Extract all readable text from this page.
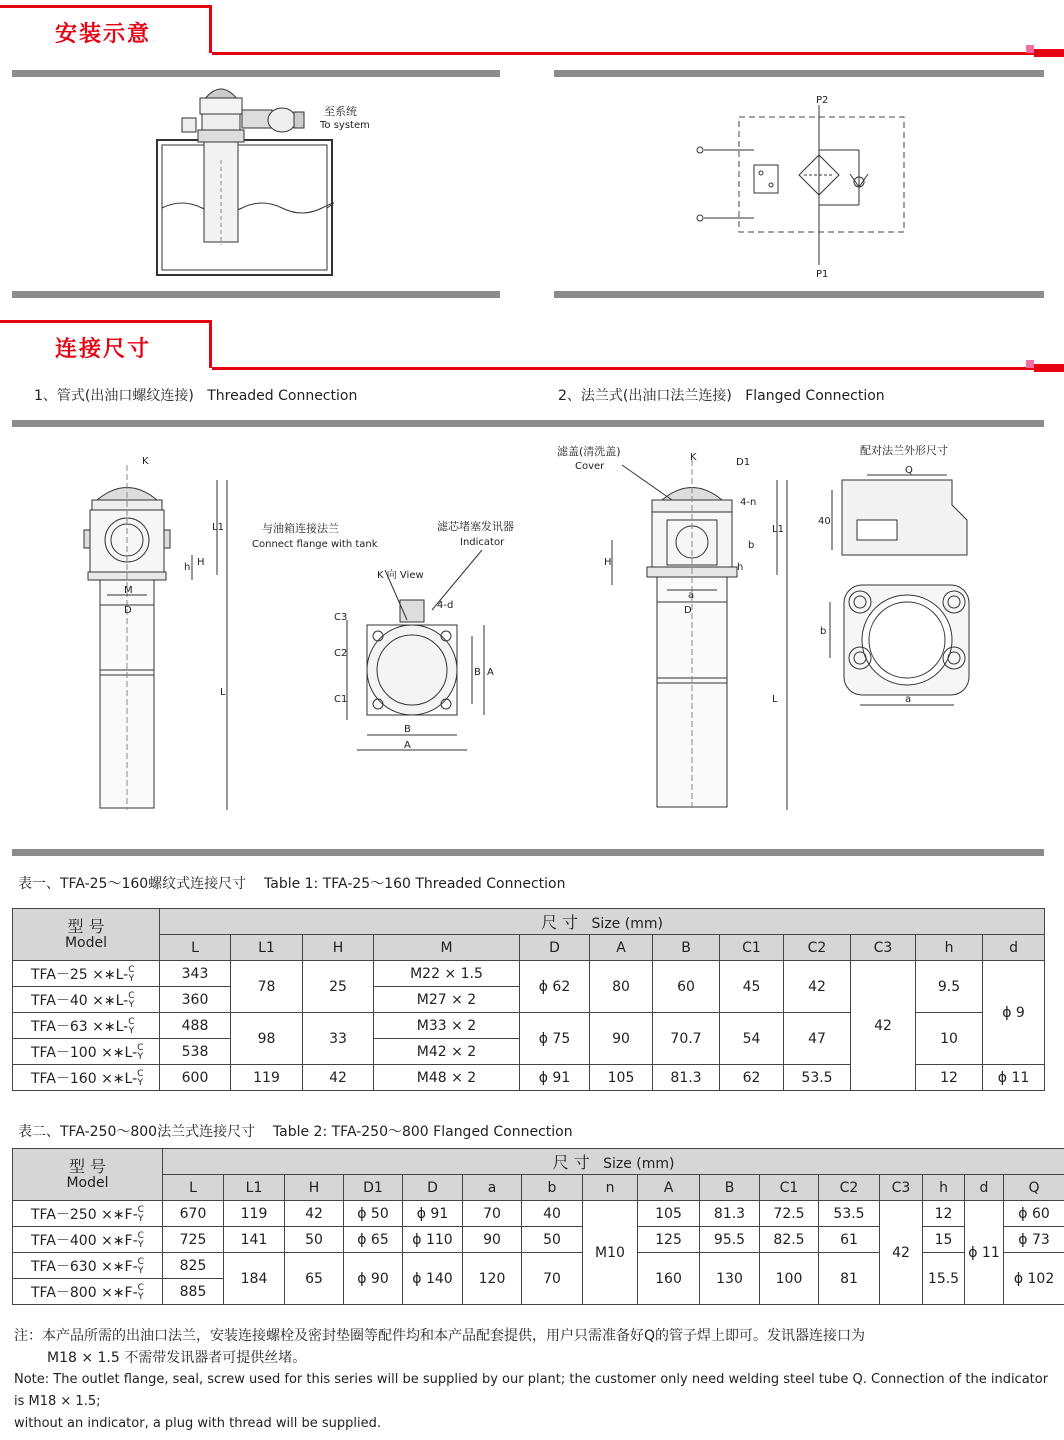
安装示意
至系统
To system
P2
P1
连接尺寸
1、管式(出油口螺纹连接) Threaded Connection	2、法兰式(出油口法兰连接) Flanged Connection
K
L1
H
h
M
D
L
与油箱连接法兰
Connect flange with tank
滤芯堵塞发讯器
Indicator
K 向 View
4-d
C3
C2
C1
B
A
B A
滤盖(清洗盖)
Cover
K	D1
4-n
L1
b
H	h
a
D
L
配对法兰外形尺寸
Q
40
b
a
表一、TFA-25～160螺纹式连接尺寸 Table 1: TFA-25～160 Threaded Connection
型 号
Model	尺 寸 Size (mm)											
	L	L1	H	M	D	A	B	C1	C2	C3	h	d
TFA－25 ×∗L-C
Y	343	78	25	M22 × 1.5	ϕ 62	80	60	45	42	42	9.5	ϕ 9
TFA－40 ×∗L-C
Y	360			M27 × 2								
TFA－63 ×∗L-C
Y	488	98	33	M33 × 2	ϕ 75	90	70.7	54	47		10	
TFA－100 ×∗L-C
Y	538			M42 × 2								
TFA－160 ×∗L-C
Y	600	119	42	M48 × 2	ϕ 91	105	81.3	62	53.5		12	ϕ 11
表二、TFA-250～800法兰式连接尺寸 Table 2: TFA-250～800 Flanged Connection
型 号
Model	尺 寸 Size (mm)															
	L	L1	H	D1	D	a	b	n	A	B	C1	C2	C3	h	d	Q
TFA－250 ×∗F-C
Y	670	119	42	ϕ 50	ϕ 91	70	40	M10	105	81.3	72.5	53.5	42	12	ϕ 11	ϕ 60
TFA－400 ×∗F-C
Y	725	141	50	ϕ 65	ϕ 110	90	50		125	95.5	82.5	61		15		ϕ 73
TFA－630 ×∗F-C
Y	825	184	65	ϕ 90	ϕ 140	120	70		160	130	100	81		15.5		ϕ 102
TFA－800 ×∗F-C
Y	885															
注：本产品所需的出油口法兰，安装连接螺栓及密封垫圈等配件均和本产品配套提供，用户只需准备好Q的管子焊上即可。发讯器连接口为
M18 × 1.5 不需带发讯器者可提供丝堵。
Note: The outlet flange, seal, screw used for this series will be supplied by our plant; the customer only need welding steel tube Q. Connection of the indicator is M18 × 1.5;
without an indicator, a plug with thread will be supplied.
